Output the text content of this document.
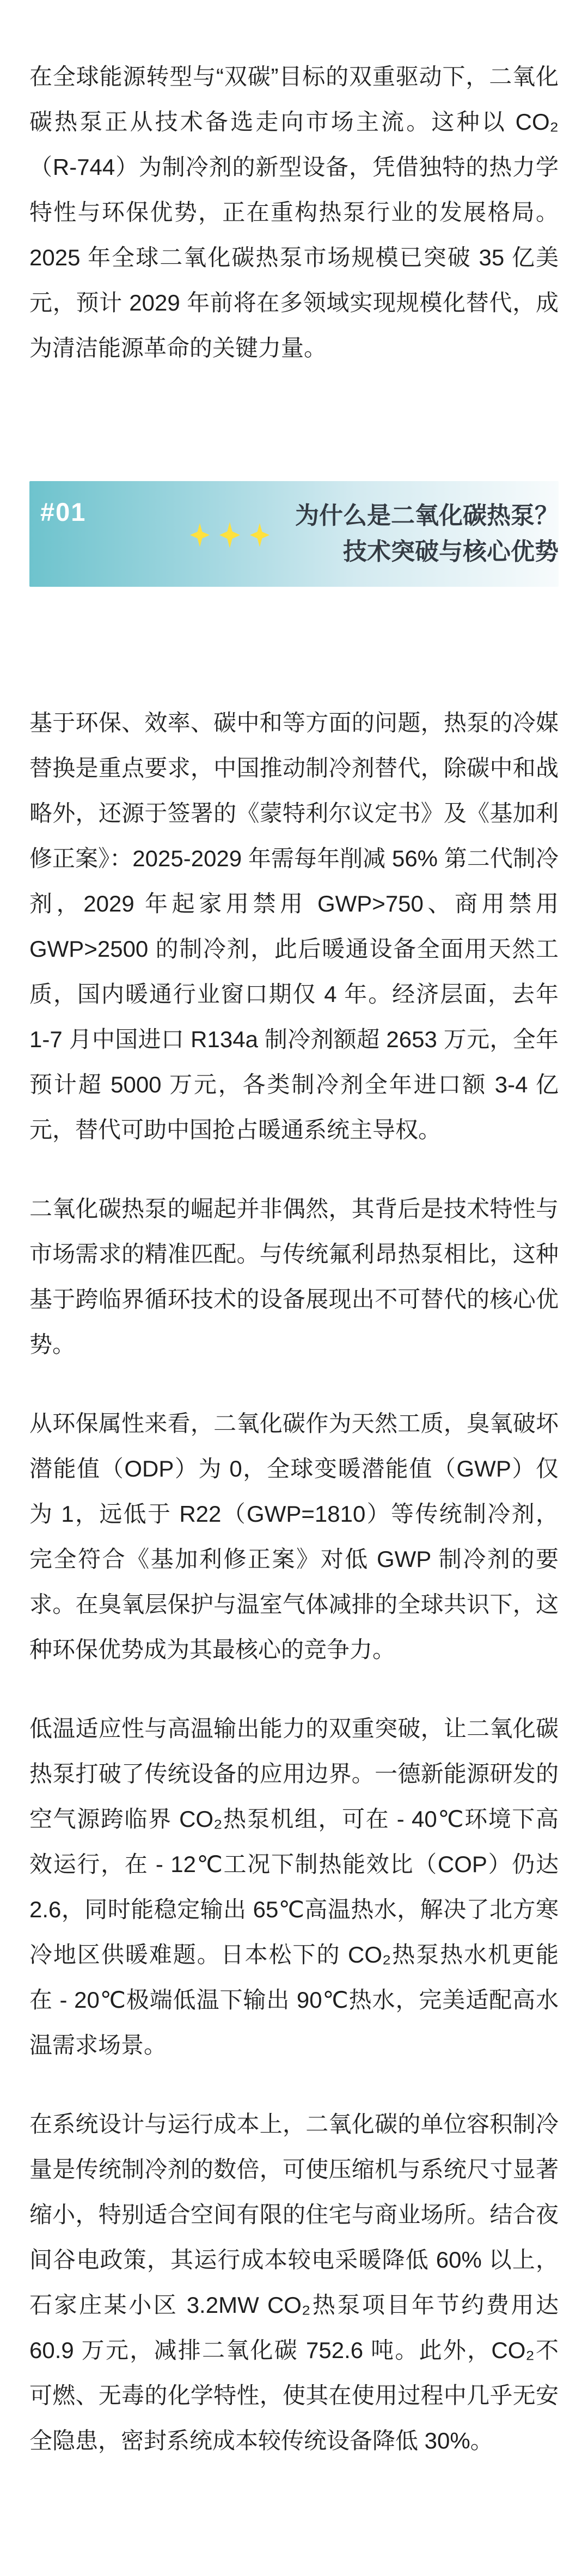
在全球能源转型与“双碳”目标的双重驱动下，二氧化碳热泵正从技术备选走向市场主流。这种以 CO₂（R-744）为制冷剂的新型设备，凭借独特的热力学特性与环保优势，正在重构热泵行业的发展格局。2025 年全球二氧化碳热泵市场规模已突破 35 亿美元，预计 2029 年前将在多领域实现规模化替代，成为清洁能源革命的关键力量。

#01	为什么是二氧化碳热泵？
技术突破与核心优势

基于环保、效率、碳中和等方面的问题，热泵的冷媒替换是重点要求，中国推动制冷剂替代，除碳中和战略外，还源于签署的《蒙特利尔议定书》及《基加利修正案》：2025-2029 年需每年削减 56% 第二代制冷剂，2029 年起家用禁用 GWP>750、商用禁用 GWP>2500 的制冷剂，此后暖通设备全面用天然工质，国内暖通行业窗口期仅 4 年。经济层面，去年 1-7 月中国进口 R134a 制冷剂额超 2653 万元，全年预计超 5000 万元，各类制冷剂全年进口额 3-4 亿元，替代可助中国抢占暖通系统主导权。

二氧化碳热泵的崛起并非偶然，其背后是技术特性与市场需求的精准匹配。与传统氟利昂热泵相比，这种基于跨临界循环技术的设备展现出不可替代的核心优势。

从环保属性来看，二氧化碳作为天然工质，臭氧破坏潜能值（ODP）为 0，全球变暖潜能值（GWP）仅为 1，远低于 R22（GWP=1810）等传统制冷剂，完全符合《基加利修正案》对低 GWP 制冷剂的要求。在臭氧层保护与温室气体减排的全球共识下，这种环保优势成为其最核心的竞争力。

低温适应性与高温输出能力的双重突破，让二氧化碳热泵打破了传统设备的应用边界。一德新能源研发的空气源跨临界 CO₂热泵机组，可在 - 40℃环境下高效运行，在 - 12℃工况下制热能效比（COP）仍达 2.6，同时能稳定输出 65℃高温热水，解决了北方寒冷地区供暖难题。日本松下的 CO₂热泵热水机更能在 - 20℃极端低温下输出 90℃热水，完美适配高水温需求场景。

在系统设计与运行成本上，二氧化碳的单位容积制冷量是传统制冷剂的数倍，可使压缩机与系统尺寸显著缩小，特别适合空间有限的住宅与商业场所。结合夜间谷电政策，其运行成本较电采暖降低 60% 以上，石家庄某小区 3.2MW CO₂热泵项目年节约费用达 60.9 万元，减排二氧化碳 752.6 吨。此外，CO₂不可燃、无毒的化学特性，使其在使用过程中几乎无安全隐患，密封系统成本较传统设备降低 30%。
